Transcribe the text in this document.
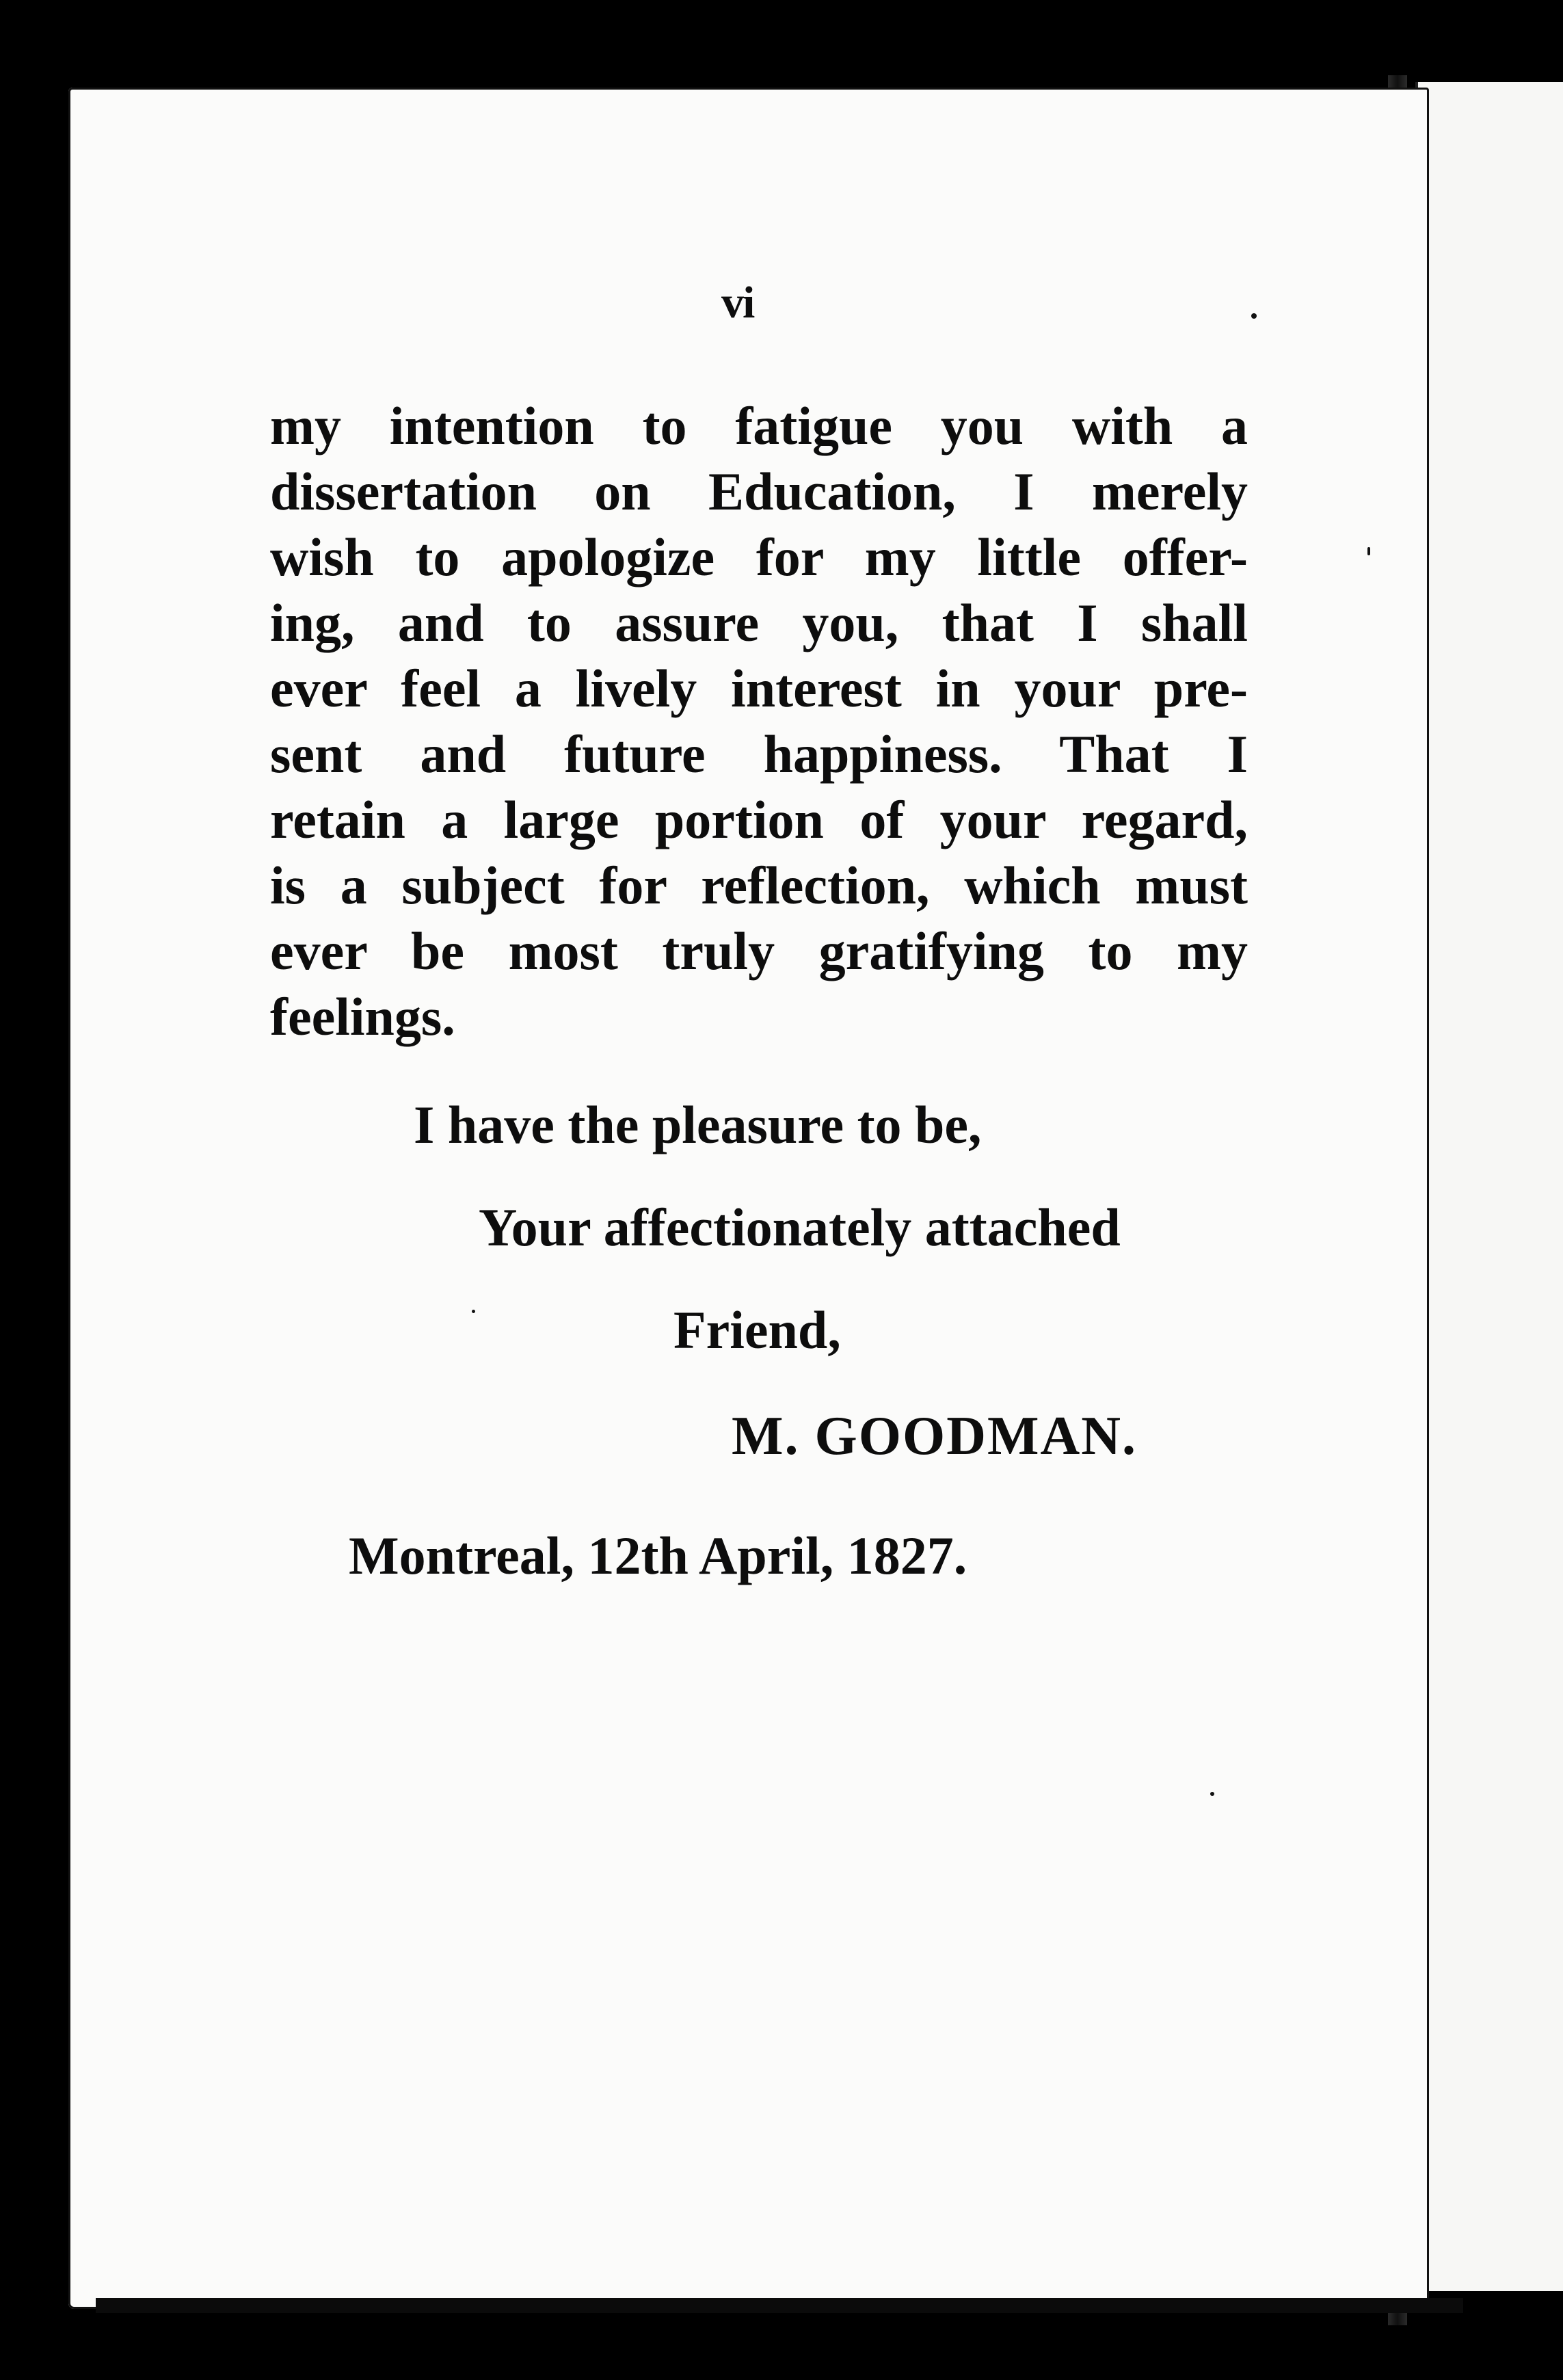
vi
my intention to fatigue you with a
dissertation on Education, I merely
wish to apologize for my little offer-
ing, and to assure you, that I shall
ever feel a lively interest in your pre-
sent and future happiness. That I
retain a large portion of your regard,
is a subject for reflection, which must
ever be most truly gratifying to my
feelings.
I have the pleasure to be,
Your affectionately attached
Friend,
M. GOODMAN.
Montreal, 12th April, 1827.
